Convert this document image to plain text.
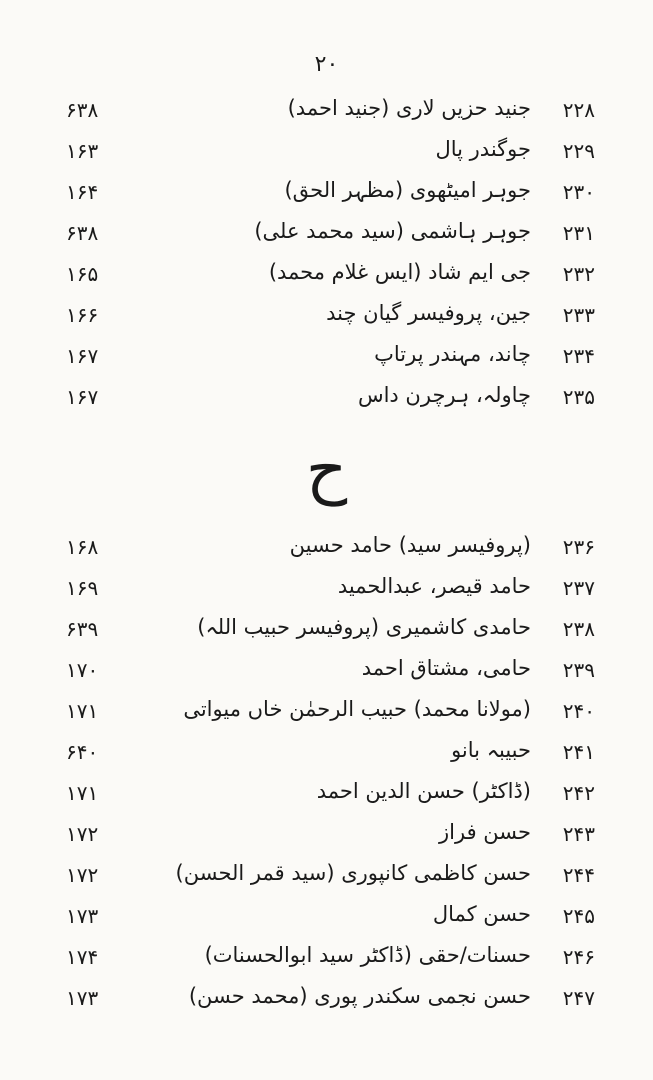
۲۰
۶۳۸	جنید حزیں لاری (جنید احمد)	۲۲۸
۱۶۳	جوگندر پال	۲۲۹
۱۶۴	جوہر امیٹھوی (مظہر الحق)	۲۳۰
۶۳۸	جوہر ہاشمی (سید محمد علی)	۲۳۱
۱۶۵	جی ایم شاد (ایس غلام محمد)	۲۳۲
۱۶۶	جین، پروفیسر گیان چند	۲۳۳
۱۶۷	چاند، مہندر پرتاپ	۲۳۴
۱۶۷	چاولہ، ہرچرن داس	۲۳۵
ح
۱۶۸	(پروفیسر سید) حامد حسین	۲۳۶
۱۶۹	حامد قیصر، عبدالحمید	۲۳۷
۶۳۹	حامدی کاشمیری (پروفیسر حبیب اللہ)	۲۳۸
۱۷۰	حامی، مشتاق احمد	۲۳۹
۱۷۱	(مولانا محمد) حبیب الرحمٰن خاں میواتی	۲۴۰
۶۴۰	حبیبہ بانو	۲۴۱
۱۷۱	(ڈاکٹر) حسن الدین احمد	۲۴۲
۱۷۲	حسن فراز	۲۴۳
۱۷۲	حسن کاظمی کانپوری (سید قمر الحسن)	۲۴۴
۱۷۳	حسن کمال	۲۴۵
۱۷۴	حسنات/حقی (ڈاکٹر سید ابوالحسنات)	۲۴۶
۱۷۳	حسن نجمی سکندر پوری (محمد حسن)	۲۴۷
